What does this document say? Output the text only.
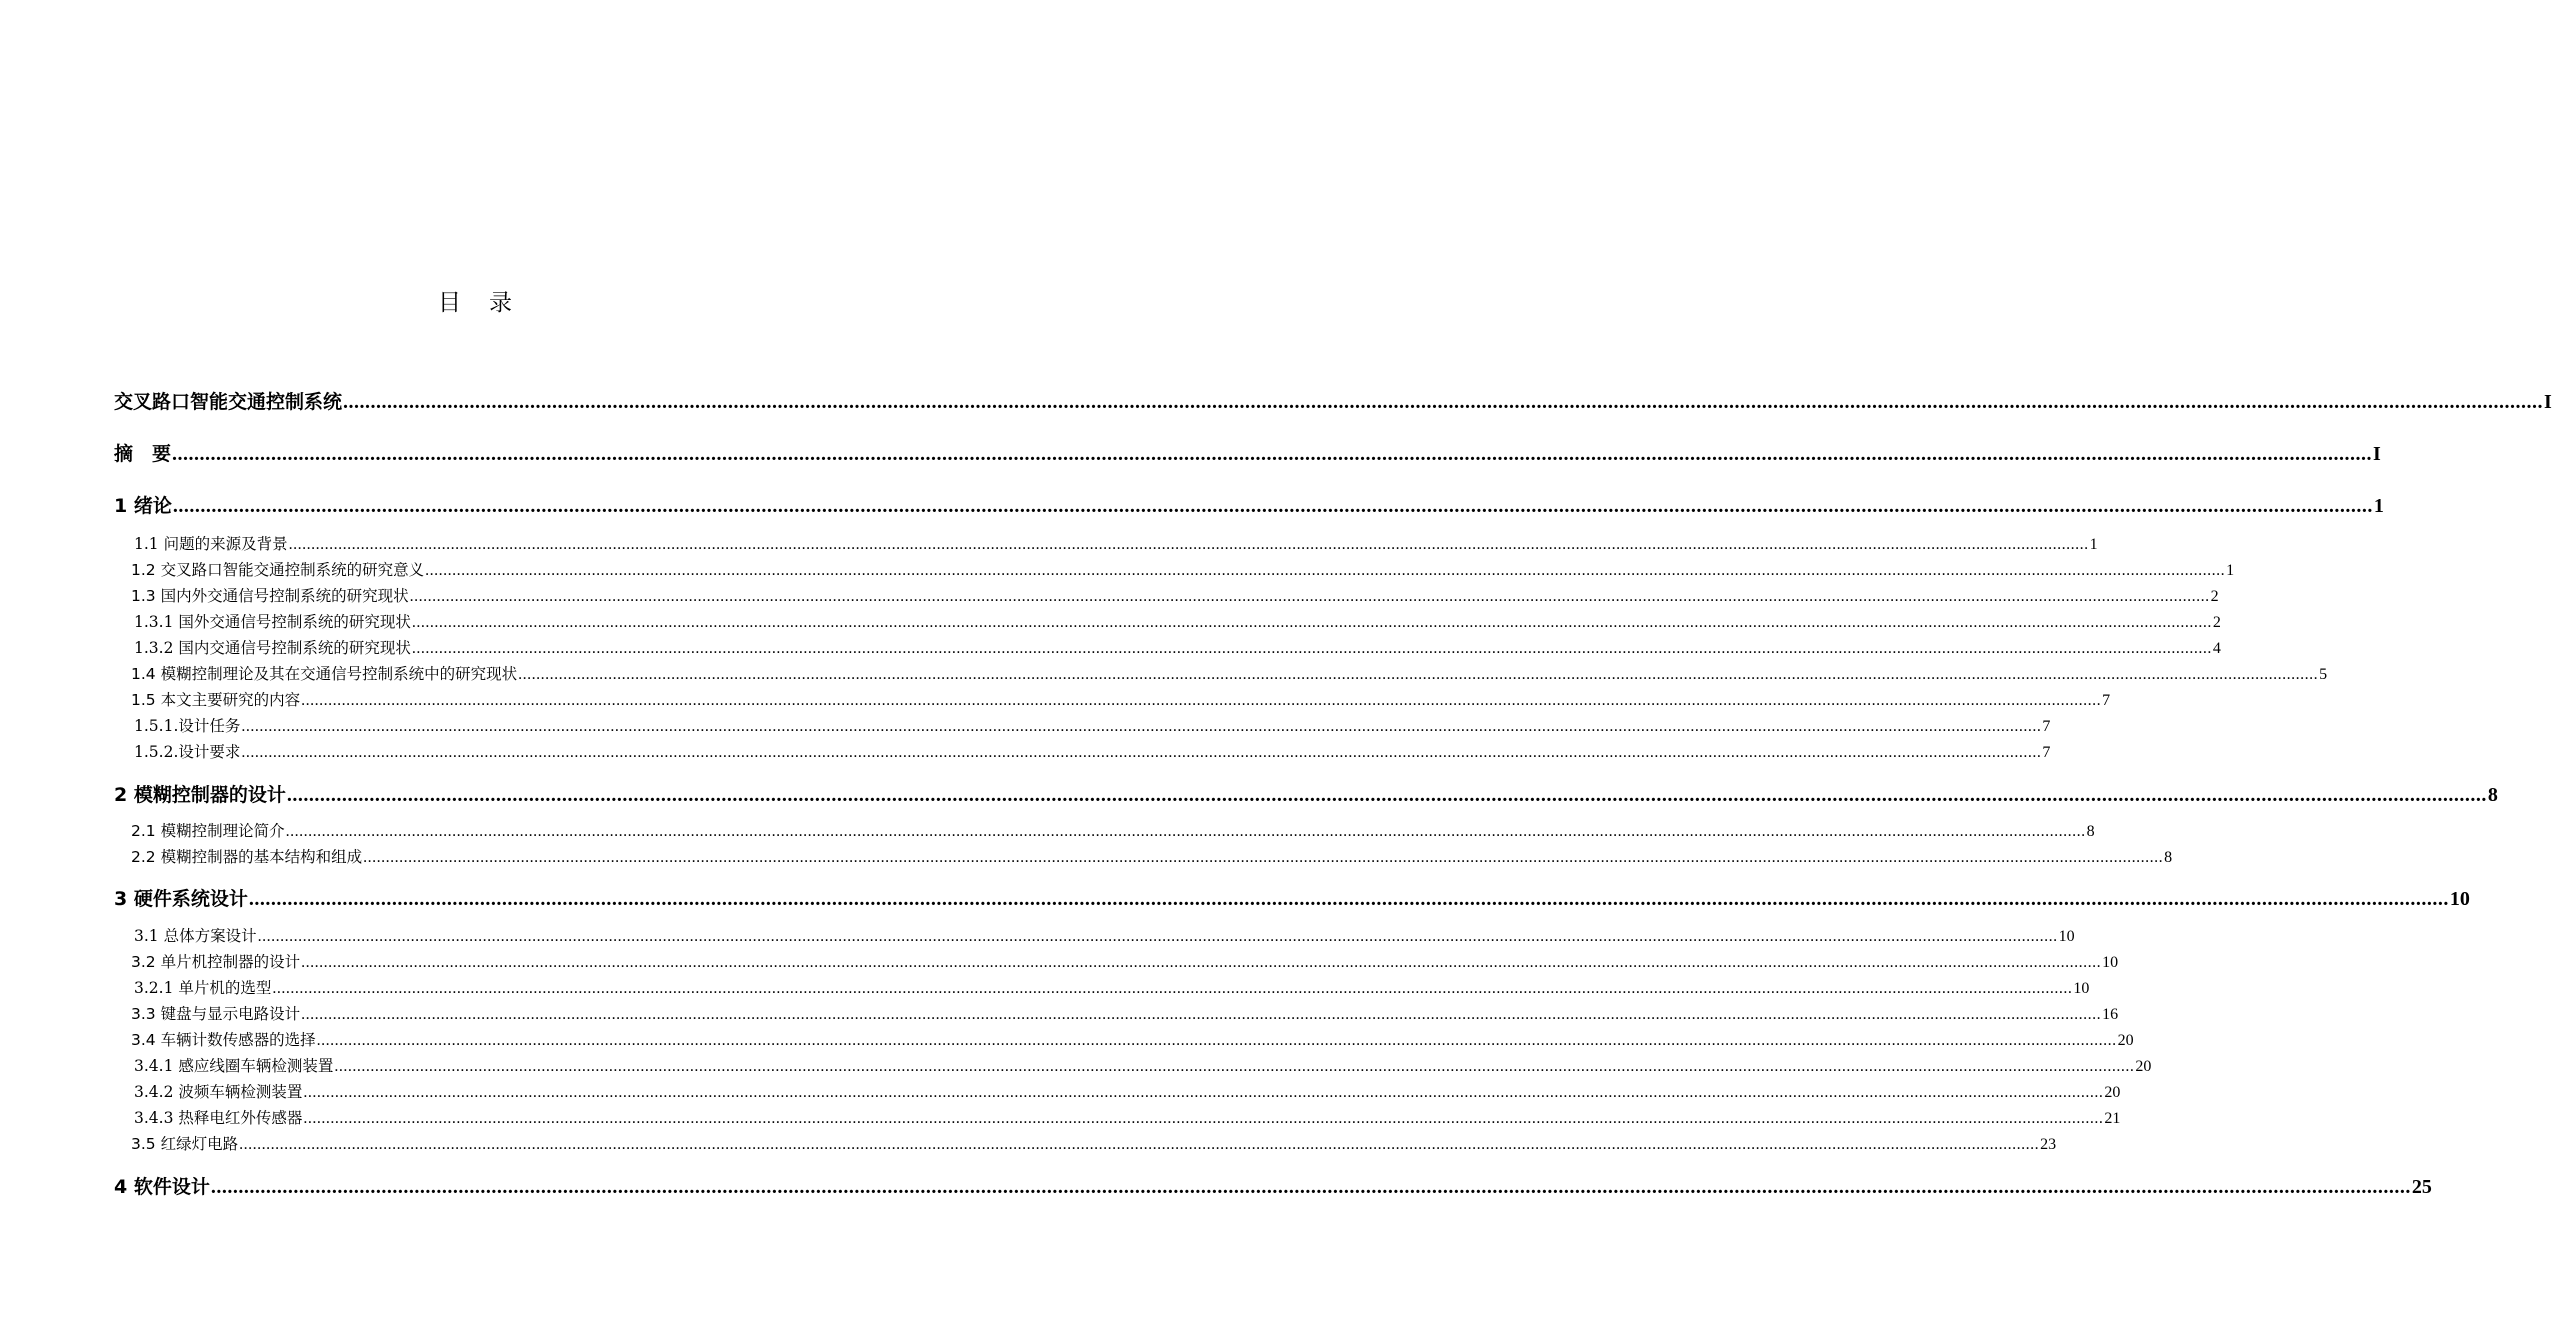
目录
交叉路口智能交通控制系统 ................................................................................................................................................................................................................................................................................................................................................................................................................ I
摘　要 ................................................................................................................................................................................................................................................................................................................................................................................................................ I
1 绪论 ................................................................................................................................................................................................................................................................................................................................................................................................................ 1
1.1 问题的来源及背景 ................................................................................................................................................................................................................................................................................................................................................................................................................ 1
1.2 交叉路口智能交通控制系统的研究意义 ................................................................................................................................................................................................................................................................................................................................................................................................................ 1
1.3 国内外交通信号控制系统的研究现状 ................................................................................................................................................................................................................................................................................................................................................................................................................ 2
1.3.1 国外交通信号控制系统的研究现状 ................................................................................................................................................................................................................................................................................................................................................................................................................ 2
1.3.2 国内交通信号控制系统的研究现状 ................................................................................................................................................................................................................................................................................................................................................................................................................ 4
1.4 模糊控制理论及其在交通信号控制系统中的研究现状 ................................................................................................................................................................................................................................................................................................................................................................................................................ 5
1.5 本文主要研究的内容 ................................................................................................................................................................................................................................................................................................................................................................................................................ 7
1.5.1.设计任务 ................................................................................................................................................................................................................................................................................................................................................................................................................ 7
1.5.2.设计要求 ................................................................................................................................................................................................................................................................................................................................................................................................................ 7
2 模糊控制器的设计 ................................................................................................................................................................................................................................................................................................................................................................................................................ 8
2.1 模糊控制理论简介 ................................................................................................................................................................................................................................................................................................................................................................................................................ 8
2.2 模糊控制器的基本结构和组成 ................................................................................................................................................................................................................................................................................................................................................................................................................ 8
3 硬件系统设计 ................................................................................................................................................................................................................................................................................................................................................................................................................ 10
3.1 总体方案设计 ................................................................................................................................................................................................................................................................................................................................................................................................................ 10
3.2 单片机控制器的设计 ................................................................................................................................................................................................................................................................................................................................................................................................................ 10
3.2.1 单片机的选型 ................................................................................................................................................................................................................................................................................................................................................................................................................ 10
3.3 键盘与显示电路设计 ................................................................................................................................................................................................................................................................................................................................................................................................................ 16
3.4 车辆计数传感器的选择 ................................................................................................................................................................................................................................................................................................................................................................................................................ 20
3.4.1 感应线圈车辆检测装置 ................................................................................................................................................................................................................................................................................................................................................................................................................ 20
3.4.2 波频车辆检测装置 ................................................................................................................................................................................................................................................................................................................................................................................................................ 20
3.4.3 热释电红外传感器 ................................................................................................................................................................................................................................................................................................................................................................................................................ 21
3.5 红绿灯电路 ................................................................................................................................................................................................................................................................................................................................................................................................................ 23
4 软件设计 ................................................................................................................................................................................................................................................................................................................................................................................................................ 25
